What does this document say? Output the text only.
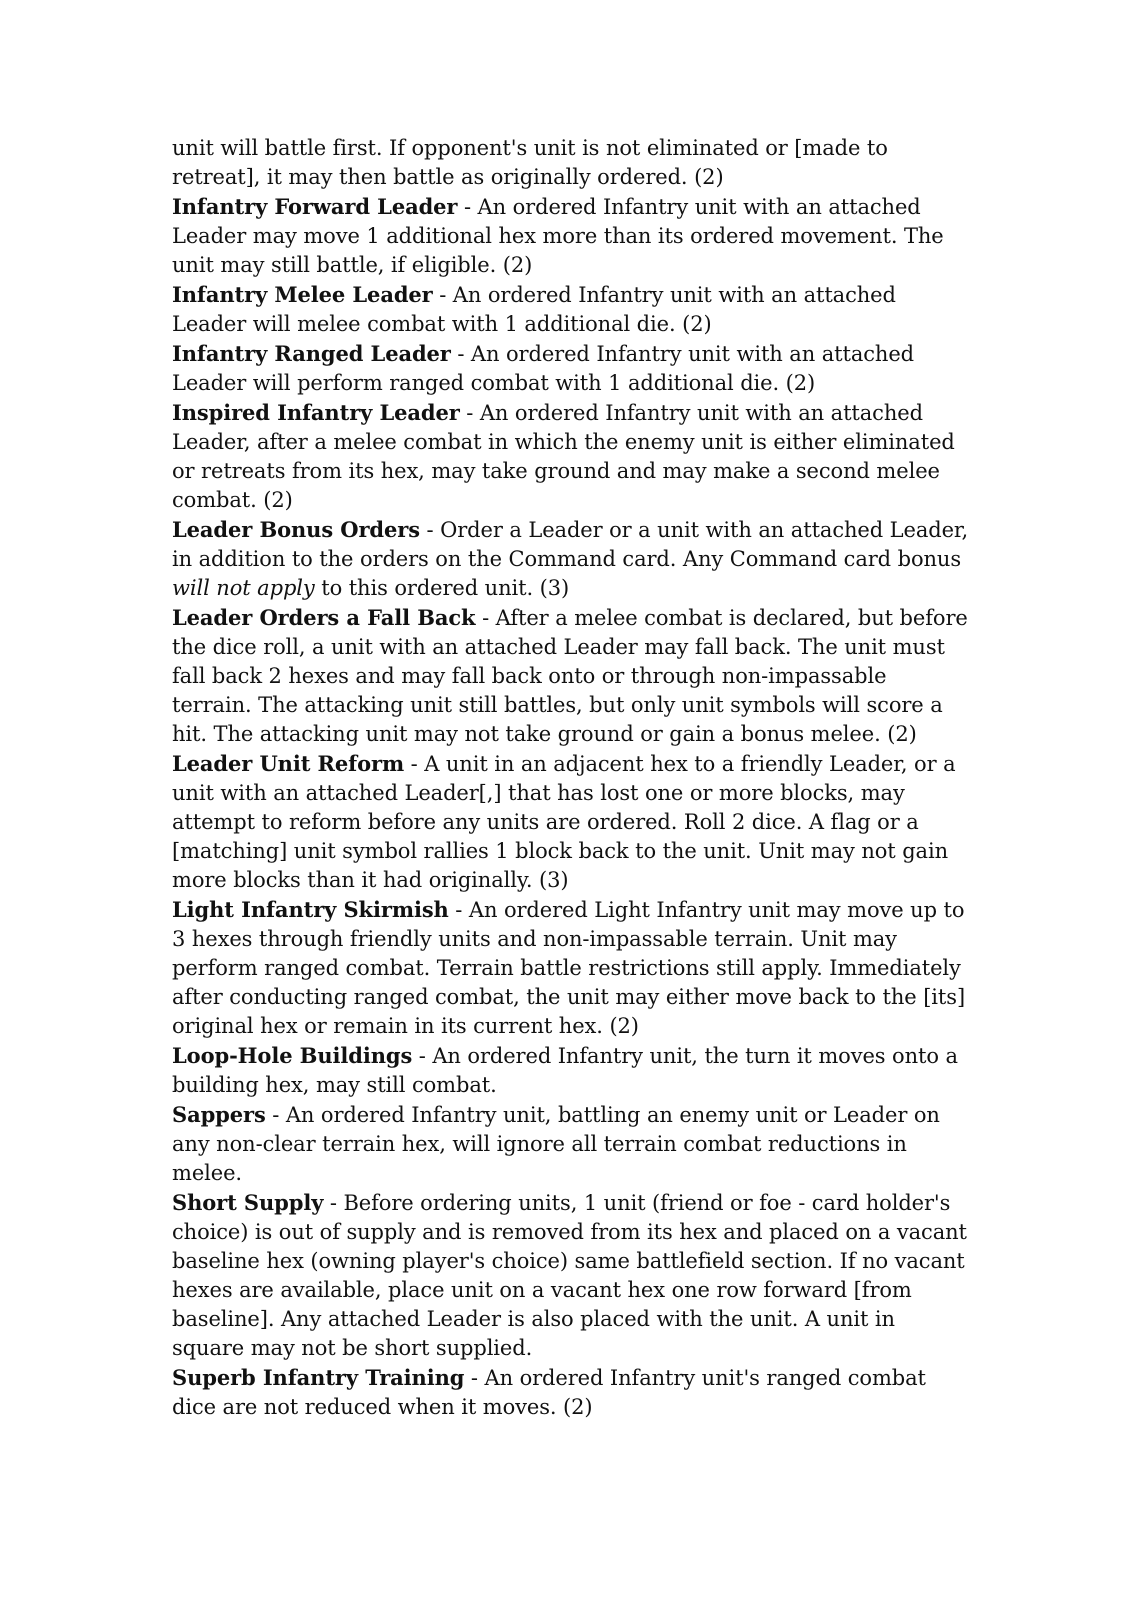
unit will battle first. If opponent's unit is not eliminated or [made to retreat], it may then battle as originally ordered. (2)

Infantry Forward Leader - An ordered Infantry unit with an attached Leader may move 1 additional hex more than its ordered movement. The unit may still battle, if eligible. (2)

Infantry Melee Leader - An ordered Infantry unit with an attached Leader will melee combat with 1 additional die. (2)

Infantry Ranged Leader - An ordered Infantry unit with an attached Leader will perform ranged combat with 1 additional die. (2)

Inspired Infantry Leader - An ordered Infantry unit with an attached Leader, after a melee combat in which the enemy unit is either eliminated or retreats from its hex, may take ground and may make a second melee combat. (2)

Leader Bonus Orders - Order a Leader or a unit with an attached Leader, in addition to the orders on the Command card. Any Command card bonus will not apply to this ordered unit. (3)

Leader Orders a Fall Back - After a melee combat is declared, but before the dice roll, a unit with an attached Leader may fall back. The unit must fall back 2 hexes and may fall back onto or through non-impassable terrain. The attacking unit still battles, but only unit symbols will score a hit. The attacking unit may not take ground or gain a bonus melee. (2)

Leader Unit Reform - A unit in an adjacent hex to a friendly Leader, or a unit with an attached Leader[,] that has lost one or more blocks, may attempt to reform before any units are ordered. Roll 2 dice. A flag or a [matching] unit symbol rallies 1 block back to the unit. Unit may not gain more blocks than it had originally. (3)

Light Infantry Skirmish - An ordered Light Infantry unit may move up to 3 hexes through friendly units and non-impassable terrain. Unit may perform ranged combat. Terrain battle restrictions still apply. Immediately after conducting ranged combat, the unit may either move back to the [its] original hex or remain in its current hex. (2)

Loop-Hole Buildings - An ordered Infantry unit, the turn it moves onto a building hex, may still combat.

Sappers - An ordered Infantry unit, battling an enemy unit or Leader on any non-clear terrain hex, will ignore all terrain combat reductions in melee.

Short Supply - Before ordering units, 1 unit (friend or foe - card holder's choice) is out of supply and is removed from its hex and placed on a vacant baseline hex (owning player's choice) same battlefield section. If no vacant hexes are available, place unit on a vacant hex one row forward [from baseline]. Any attached Leader is also placed with the unit. A unit in square may not be short supplied.

Superb Infantry Training - An ordered Infantry unit's ranged combat dice are not reduced when it moves. (2)
